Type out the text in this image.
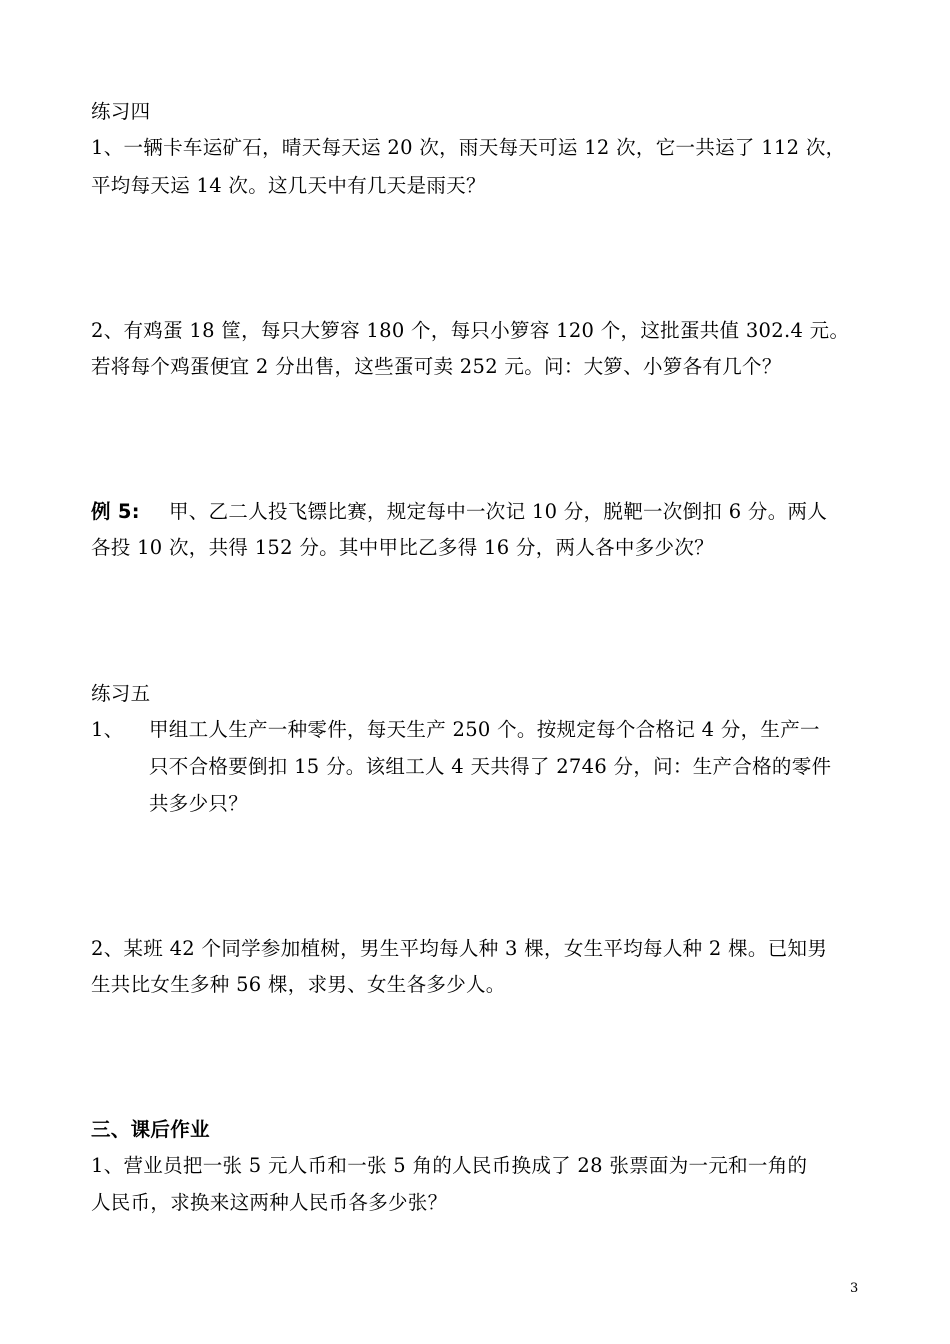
练习四
1、一辆卡车运矿石，晴天每天运 20 次，雨天每天可运 12 次，它一共运了 112 次，
平均每天运 14 次。这几天中有几天是雨天？
2、有鸡蛋 18 筐，每只大箩容 180 个，每只小箩容 120 个，这批蛋共值 302.4 元。
若将每个鸡蛋便宜 2 分出售，这些蛋可卖 252 元。问：大箩、小箩各有几个？
例 5: 甲、乙二人投飞镖比赛，规定每中一次记 10 分，脱靶一次倒扣 6 分。两人
各投 10 次，共得 152 分。其中甲比乙多得 16 分，两人各中多少次？
练习五
1、 甲组工人生产一种零件，每天生产 250 个。按规定每个合格记 4 分，生产一
只不合格要倒扣 15 分。该组工人 4 天共得了 2746 分，问：生产合格的零件
共多少只？
2、某班 42 个同学参加植树，男生平均每人种 3 棵，女生平均每人种 2 棵。已知男
生共比女生多种 56 棵，求男、女生各多少人。
三、课后作业
1、营业员把一张 5 元人币和一张 5 角的人民币换成了 28 张票面为一元和一角的
人民币，求换来这两种人民币各多少张？
3
